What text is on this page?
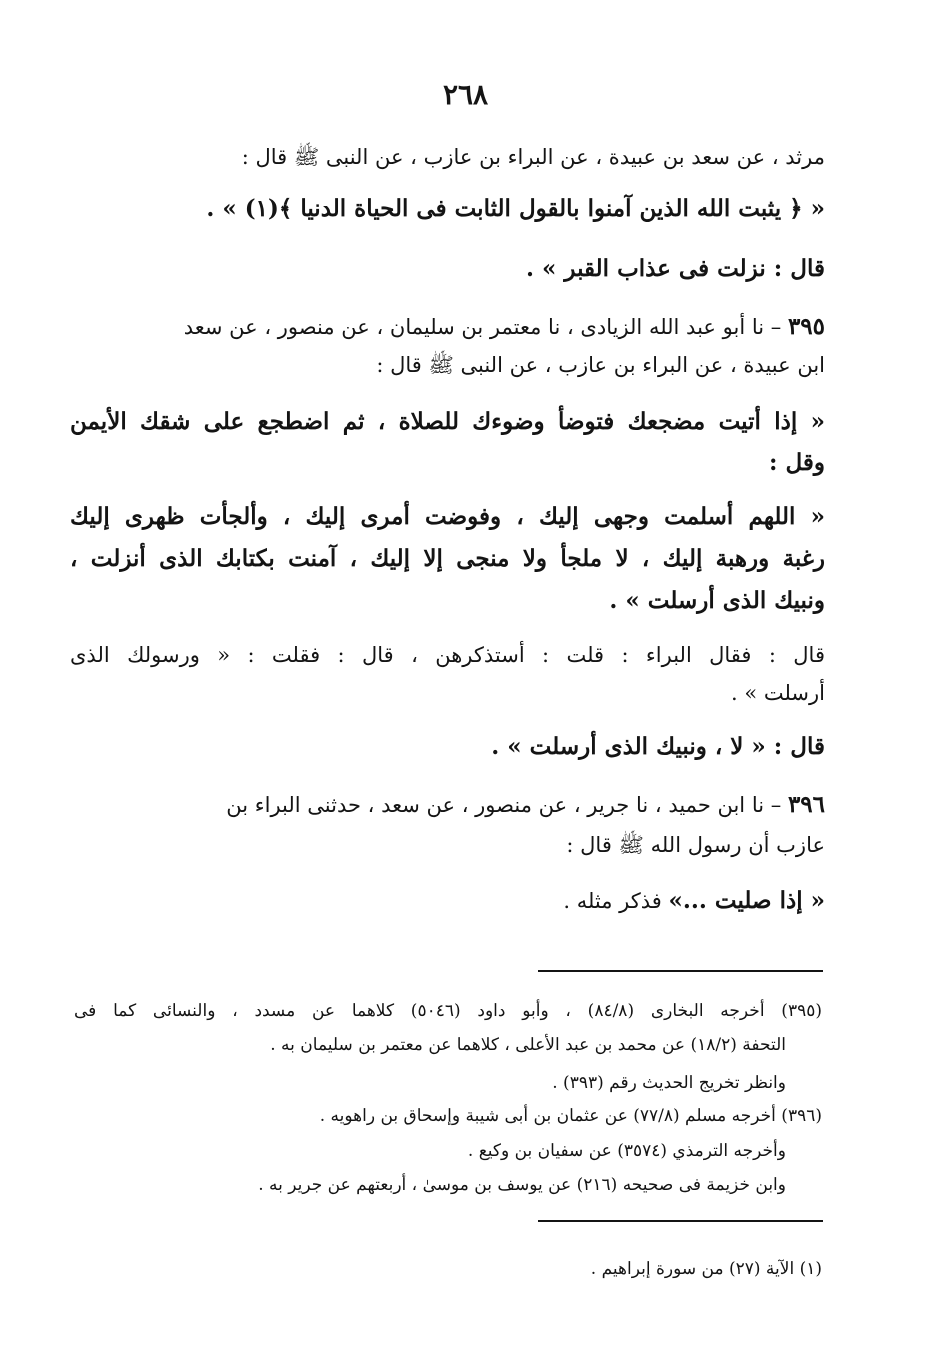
٢٦٨
مرثد ، عن سعد بن عبيدة ، عن البراء بن عازب ، عن النبى ﷺ قال :
« ﴿ يثبت الله الذين آمنوا بالقول الثابت فى الحياة الدنيا ﴾(١) » .
قال : نزلت فى عذاب القبر » .
٣٩٥ – نا أبو عبد الله الزيادى ، نا معتمر بن سليمان ، عن منصور ، عن سعد
ابن عبيدة ، عن البراء بن عازب ، عن النبى ﷺ قال :
« إذا أتيت مضجعك فتوضأ وضوءك للصلاة ، ثم اضطجع على شقك الأيمن
وقل :
« اللهم أسلمت وجهى إليك ، وفوضت أمرى إليك ، وألجأت ظهرى إليك
رغبة ورهبة إليك ، لا ملجأ ولا منجى إلا إليك ، آمنت بكتابك الذى أنزلت ،
ونبيك الذى أرسلت » .
قال : فقال البراء : قلت : أستذكرهن ، قال : فقلت : « ورسولك الذى
أرسلت » .
قال : « لا ، ونبيك الذى أرسلت » .
٣٩٦ – نا ابن حميد ، نا جرير ، عن منصور ، عن سعد ، حدثنى البراء بن
عازب أن رسول الله ﷺ قال :
« إذا صليت ...» فذكر مثله .
(٣٩٥) أخرجه البخارى (٨٤/٨) ، وأبو داود (٥٠٤٦) كلاهما عن مسدد ، والنسائى كما فى
التحفة (١٨/٢) عن محمد بن عبد الأعلى ، كلاهما عن معتمر بن سليمان به .
وانظر تخريج الحديث رقم (٣٩٣) .
(٣٩٦) أخرجه مسلم (٧٧/٨) عن عثمان بن أبى شيبة وإسحاق بن راهويه .
وأخرجه الترمذي (٣٥٧٤) عن سفيان بن وكيع .
وابن خزيمة فى صحيحه (٢١٦) عن يوسف بن موسىٰ ، أربعتهم عن جرير به .
(١) الآية (٢٧) من سورة إبراهيم .
